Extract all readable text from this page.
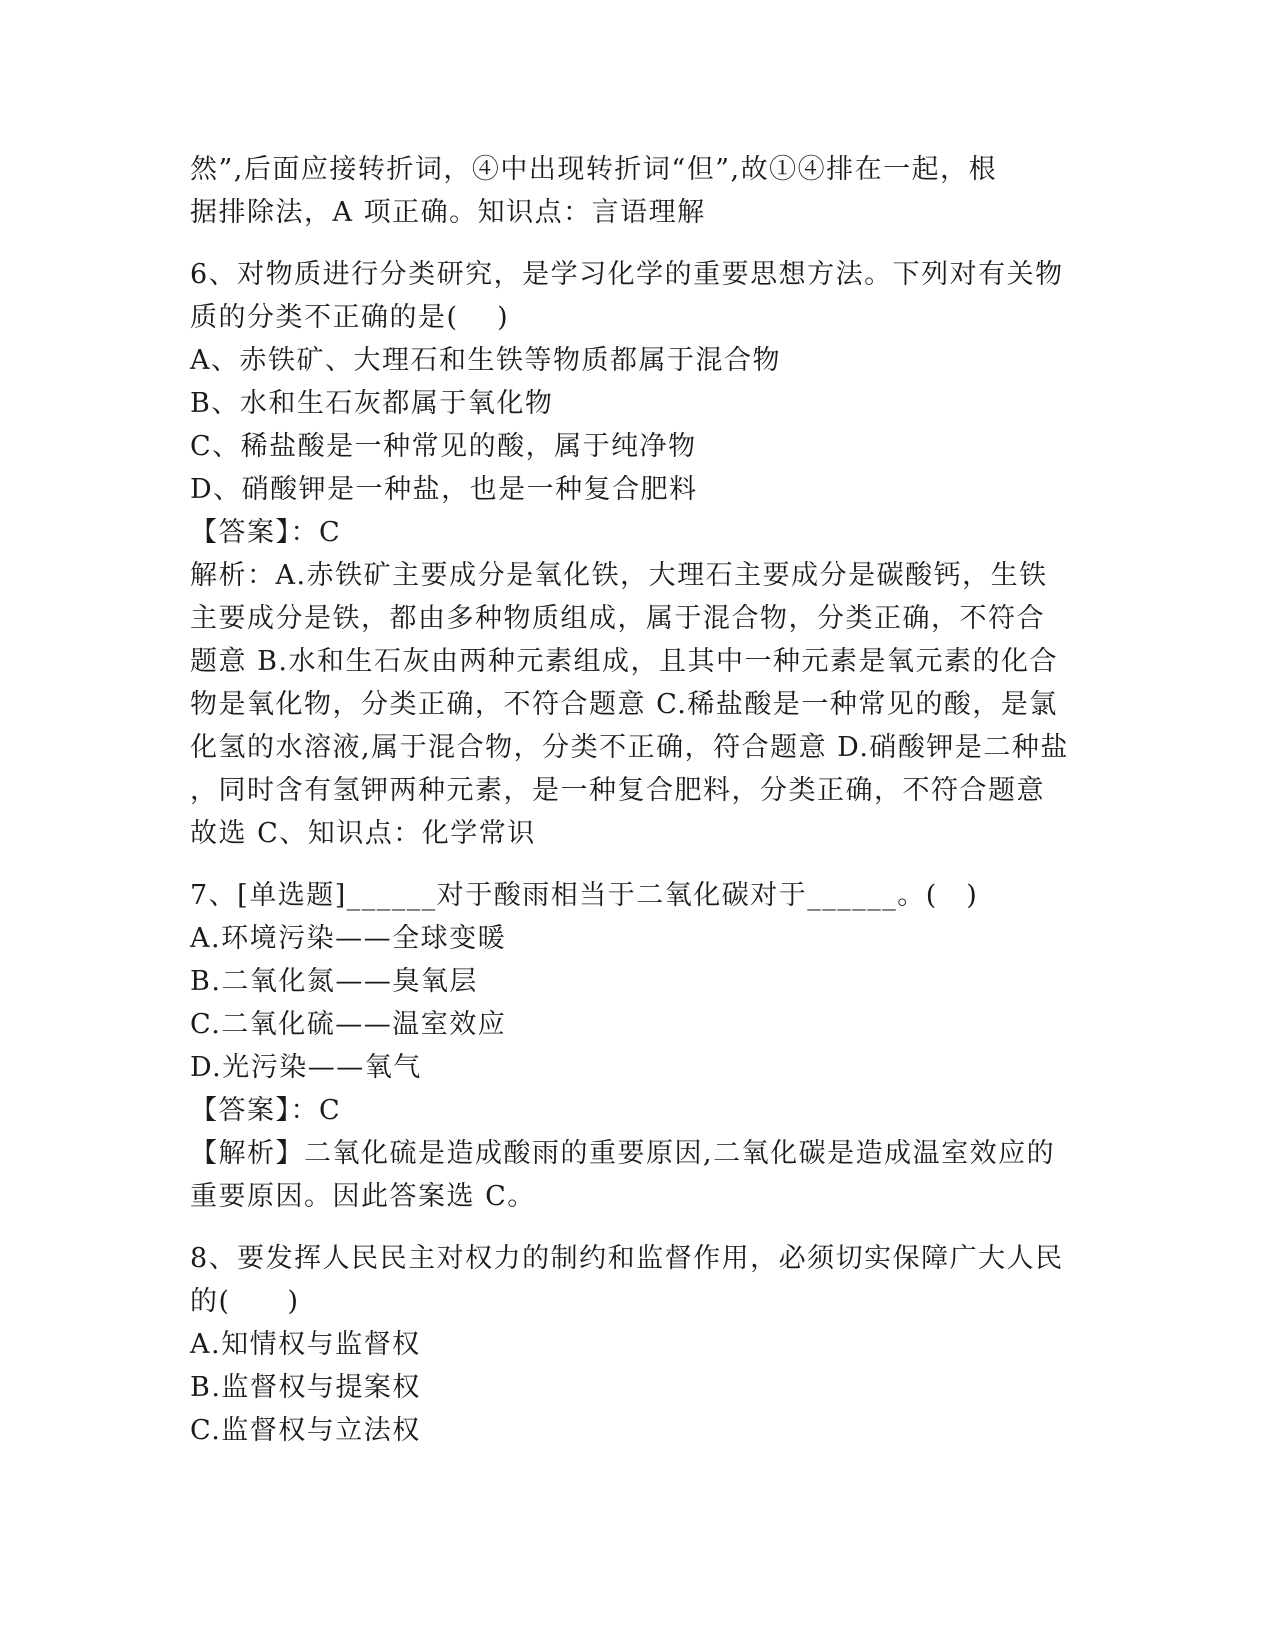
然”,后面应接转折词，④中出现转折词“但”,故①④排在一起，根
据排除法，A 项正确。知识点：言语理解
6、对物质进行分类研究，是学习化学的重要思想方法。下列对有关物
质的分类不正确的是(　 )
A、赤铁矿、大理石和生铁等物质都属于混合物
B、水和生石灰都属于氧化物
C、稀盐酸是一种常见的酸，属于纯净物
D、硝酸钾是一种盐，也是一种复合肥料
【答案】：C
解析：A.赤铁矿主要成分是氧化铁，大理石主要成分是碳酸钙，生铁
主要成分是铁，都由多种物质组成，属于混合物，分类正确，不符合
题意 B.水和生石灰由两种元素组成，且其中一种元素是氧元素的化合
物是氧化物，分类正确，不符合题意 C.稀盐酸是一种常见的酸，是氯
化氢的水溶液,属于混合物，分类不正确，符合题意 D.硝酸钾是二种盐
，同时含有氢钾两种元素，是一种复合肥料，分类正确，不符合题意
故选 C、知识点：化学常识
7、[单选题]______对于酸雨相当于二氧化碳对于______。(　)
A.环境污染——全球变暖
B.二氧化氮——臭氧层
C.二氧化硫——温室效应
D.光污染——氧气
【答案】：C
【解析】二氧化硫是造成酸雨的重要原因,二氧化碳是造成温室效应的
重要原因。因此答案选 C。
8、要发挥人民民主对权力的制约和监督作用，必须切实保障广大人民
的(　　)
A.知情权与监督权
B.监督权与提案权
C.监督权与立法权
